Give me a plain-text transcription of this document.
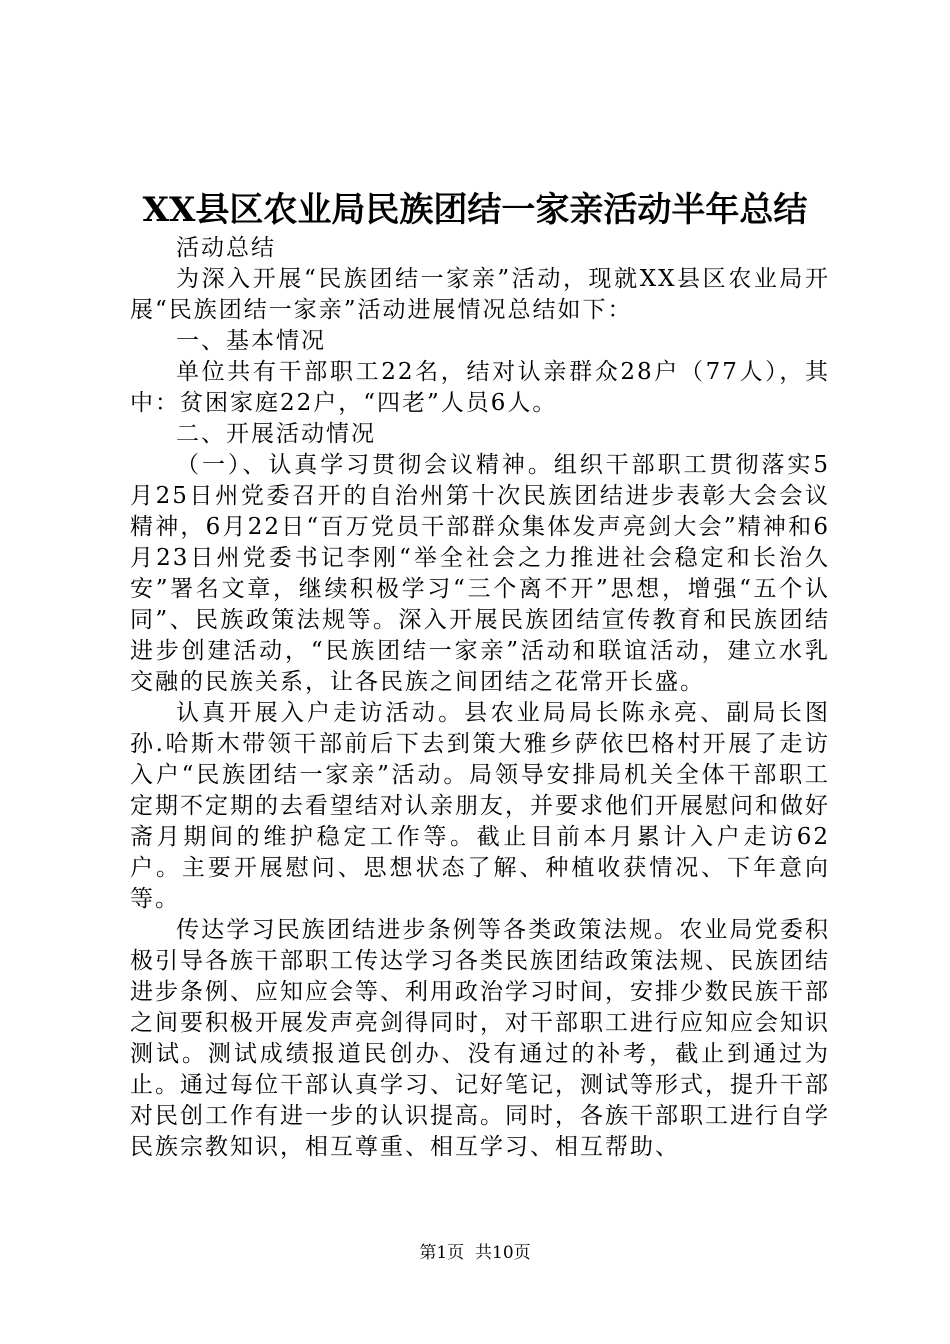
XX县区农业局民族团结一家亲活动半年总结

活动总结

为深入开展“民族团结一家亲”活动，现就XX县区农业局开展“民族团结一家亲”活动进展情况总结如下：

一、基本情况

单位共有干部职工22名，结对认亲群众28户（77人），其中：贫困家庭22户，“四老”人员6人。

二、开展活动情况

（一）、认真学习贯彻会议精神。组织干部职工贯彻落实5月25日州党委召开的自治州第十次民族团结进步表彰大会会议精神，6月22日“百万党员干部群众集体发声亮剑大会”精神和6月23日州党委书记李刚“举全社会之力推进社会稳定和长治久安”署名文章，继续积极学习“三个离不开”思想，增强“五个认同”、民族政策法规等。深入开展民族团结宣传教育和民族团结进步创建活动，“民族团结一家亲”活动和联谊活动，建立水乳交融的民族关系，让各民族之间团结之花常开长盛。

认真开展入户走访活动。县农业局局长陈永亮、副局长图孙.哈斯木带领干部前后下去到策大雅乡萨依巴格村开展了走访入户“民族团结一家亲”活动。局领导安排局机关全体干部职工定期不定期的去看望结对认亲朋友，并要求他们开展慰问和做好斋月期间的维护稳定工作等。截止目前本月累计入户走访62户。主要开展慰问、思想状态了解、种植收获情况、下年意向等。

传达学习民族团结进步条例等各类政策法规。农业局党委积极引导各族干部职工传达学习各类民族团结政策法规、民族团结进步条例、应知应会等、利用政治学习时间，安排少数民族干部之间要积极开展发声亮剑得同时，对干部职工进行应知应会知识测试。测试成绩报道民创办、没有通过的补考，截止到通过为止。通过每位干部认真学习、记好笔记，测试等形式，提升干部对民创工作有进一步的认识提高。同时，各族干部职工进行自学民族宗教知识，相互尊重、相互学习、相互帮助、

第1页 共10页
